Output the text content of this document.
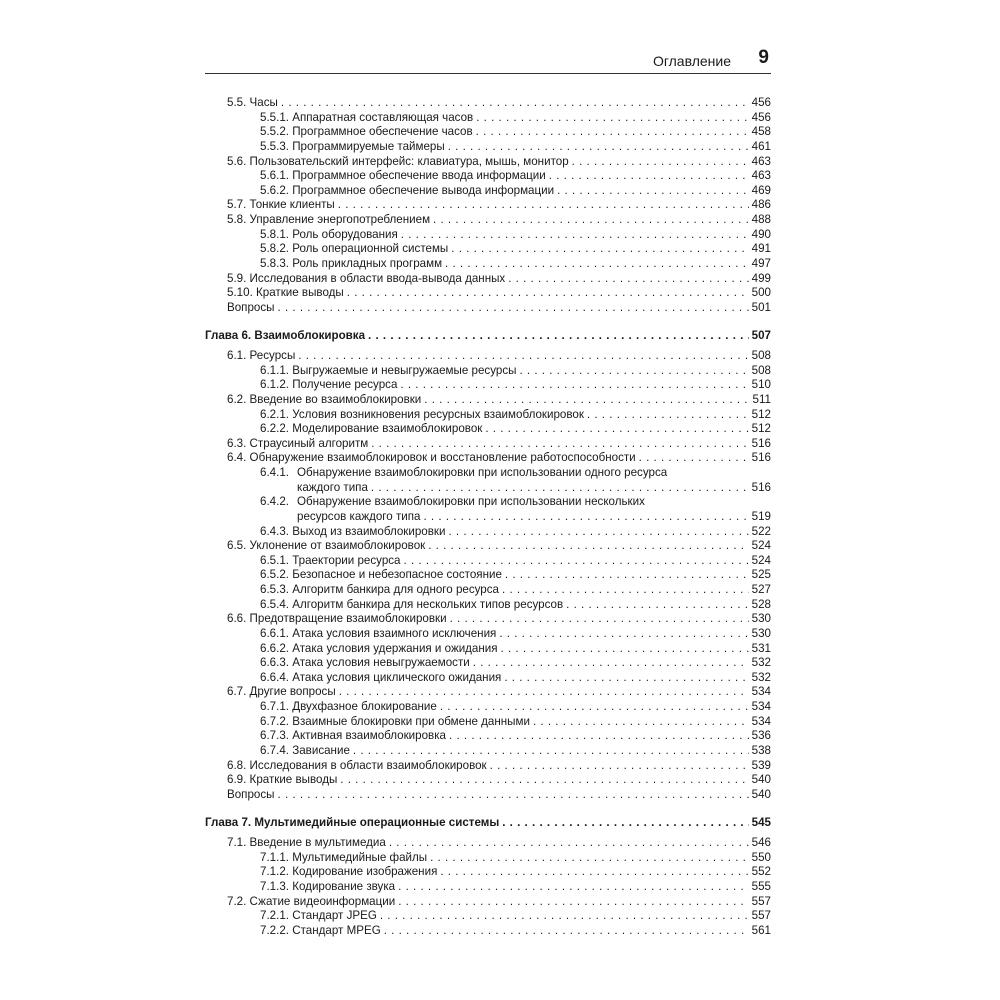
Оглавление 9
5.5. Часы . . .	456
5.5.1. Аппаратная составляющая часов . . .	456
5.5.2. Программное обеспечение часов . . .	458
5.5.3. Программируемые таймеры . . .	461
5.6. Пользовательский интерфейс: клавиатура, мышь, монитор . . .	463
5.6.1. Программное обеспечение ввода информации . . .	463
5.6.2. Программное обеспечение вывода информации . . .	469
5.7. Тонкие клиенты . . .	486
5.8. Управление энергопотреблением . . .	488
5.8.1. Роль оборудования . . .	490
5.8.2. Роль операционной системы . . .	491
5.8.3. Роль прикладных программ . . .	497
5.9. Исследования в области ввода-вывода данных . . .	499
5.10. Краткие выводы . . .	500
Вопросы . . .	501
Глава 6. Взаимоблокировка . . .	507
6.1. Ресурсы . . .	508
6.1.1. Выгружаемые и невыгружаемые ресурсы . . .	508
6.1.2. Получение ресурса . . .	510
6.2. Введение во взаимоблокировки . . .	511
6.2.1. Условия возникновения ресурсных взаимоблокировок . . .	512
6.2.2. Моделирование взаимоблокировок . . .	512
6.3. Страусиный алгоритм . . .	516
6.4. Обнаружение взаимоблокировок и восстановление работоспособности . . .	516
6.4.1. Обнаружение взаимоблокировки при использовании одного ресурса
каждого типа . . .	516
6.4.2. Обнаружение взаимоблокировки при использовании нескольких
ресурсов каждого типа . . .	519
6.4.3. Выход из взаимоблокировки . . .	522
6.5. Уклонение от взаимоблокировок . . .	524
6.5.1. Траектории ресурса . . .	524
6.5.2. Безопасное и небезопасное состояние . . .	525
6.5.3. Алгоритм банкира для одного ресурса . . .	527
6.5.4. Алгоритм банкира для нескольких типов ресурсов . . .	528
6.6. Предотвращение взаимоблокировки . . .	530
6.6.1. Атака условия взаимного исключения . . .	530
6.6.2. Атака условия удержания и ожидания . . .	531
6.6.3. Атака условия невыгружаемости . . .	532
6.6.4. Атака условия циклического ожидания . . .	532
6.7. Другие вопросы . . .	534
6.7.1. Двухфазное блокирование . . .	534
6.7.2. Взаимные блокировки при обмене данными . . .	534
6.7.3. Активная взаимоблокировка . . .	536
6.7.4. Зависание . . .	538
6.8. Исследования в области взаимоблокировок . . .	539
6.9. Краткие выводы . . .	540
Вопросы . . .	540
Глава 7. Мультимедийные операционные системы . . .	545
7.1. Введение в мультимедиа . . .	546
7.1.1. Мультимедийные файлы . . .	550
7.1.2. Кодирование изображения . . .	552
7.1.3. Кодирование звука . . .	555
7.2. Сжатие видеоинформации . . .	557
7.2.1. Стандарт JPEG . . .	557
7.2.2. Стандарт MPEG . . .	561
